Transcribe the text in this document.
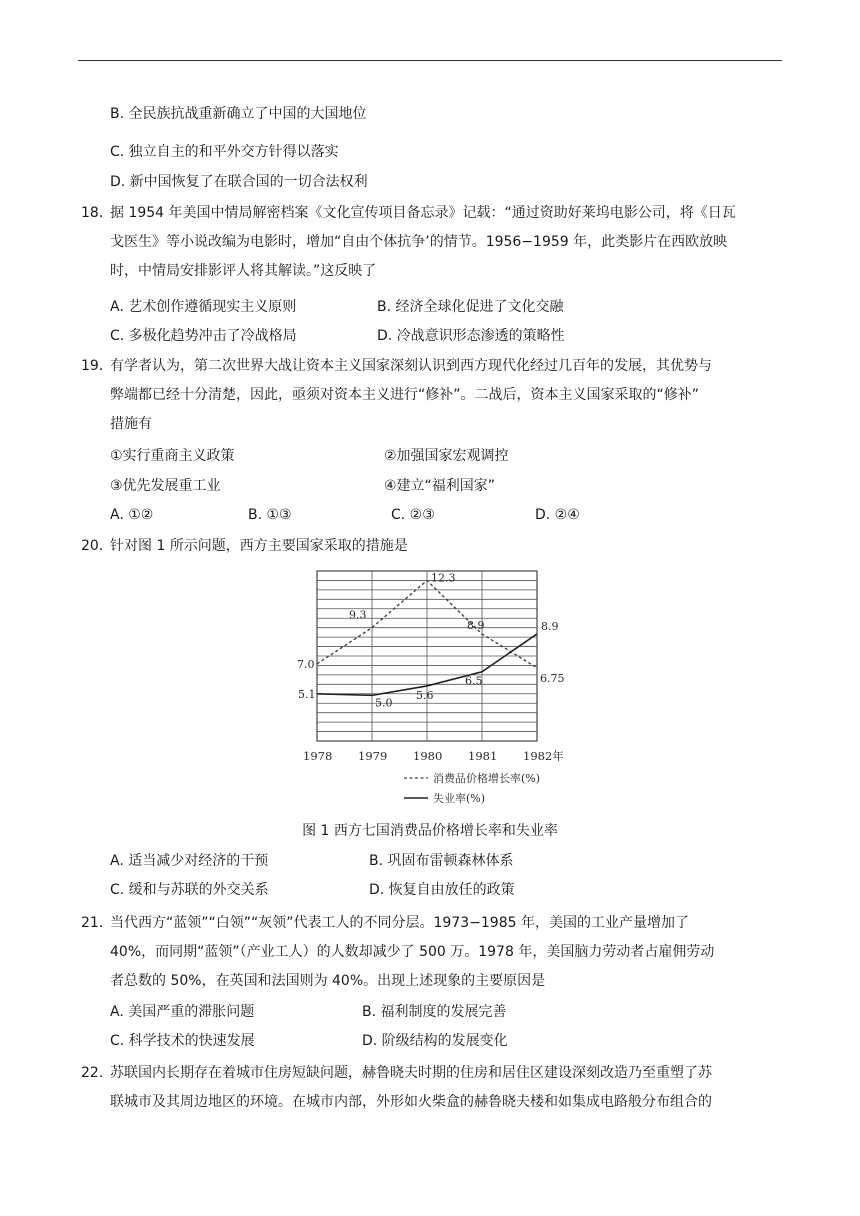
B. 全民族抗战重新确立了中国的大国地位
C. 独立自主的和平外交方针得以落实
D. 新中国恢复了在联合国的一切合法权利
18．
据 1954 年美国中情局解密档案《文化宣传项目备忘录》记载：“通过资助好莱坞电影公司，将《日瓦
戈医生》等小说改编为电影时，增加“自由个体抗争’的情节。1956−1959 年，此类影片在西欧放映
时，中情局安排影评人将其解读。”这反映了
A. 艺术创作遵循现实主义原则	B. 经济全球化促进了文化交融
C. 多极化趋势冲击了冷战格局	D. 冷战意识形态渗透的策略性
19．
有学者认为，第二次世界大战让资本主义国家深刻认识到西方现代化经过几百年的发展，其优势与
弊端都已经十分清楚，因此，亟须对资本主义进行“修补”。二战后，资本主义国家采取的“修补”
措施有
①实行重商主义政策	②加强国家宏观调控
③优先发展重工业	④建立“福利国家”
A. ①②	B. ①③	C. ②③	D. ②④
20．
针对图 1 所示问题，西方主要国家采取的措施是
7.0
9.3
12.3
8.9
6.75
5.1
5.0
5.6
6.5
8.9
1978 1979 1980 1981 1982年
消费品价格增长率(%)
失业率(%)
图 1 西方七国消费品价格增长率和失业率
A. 适当减少对经济的干预	B. 巩固布雷顿森林体系
C. 缓和与苏联的外交关系	D. 恢复自由放任的政策
21．
当代西方“蓝领”“白领”“灰领”代表工人的不同分层。1973−1985 年，美国的工业产量增加了
40%，而同期“蓝领”（产业工人）的人数却减少了 500 万。1978 年，美国脑力劳动者占雇佣劳动
者总数的 50%，在英国和法国则为 40%。出现上述现象的主要原因是
A. 美国严重的滞胀问题	B. 福利制度的发展完善
C. 科学技术的快速发展	D. 阶级结构的发展变化
22．
苏联国内长期存在着城市住房短缺问题，赫鲁晓夫时期的住房和居住区建设深刻改造乃至重塑了苏
联城市及其周边地区的环境。在城市内部，外形如火柴盒的赫鲁晓夫楼和如集成电路般分布组合的
